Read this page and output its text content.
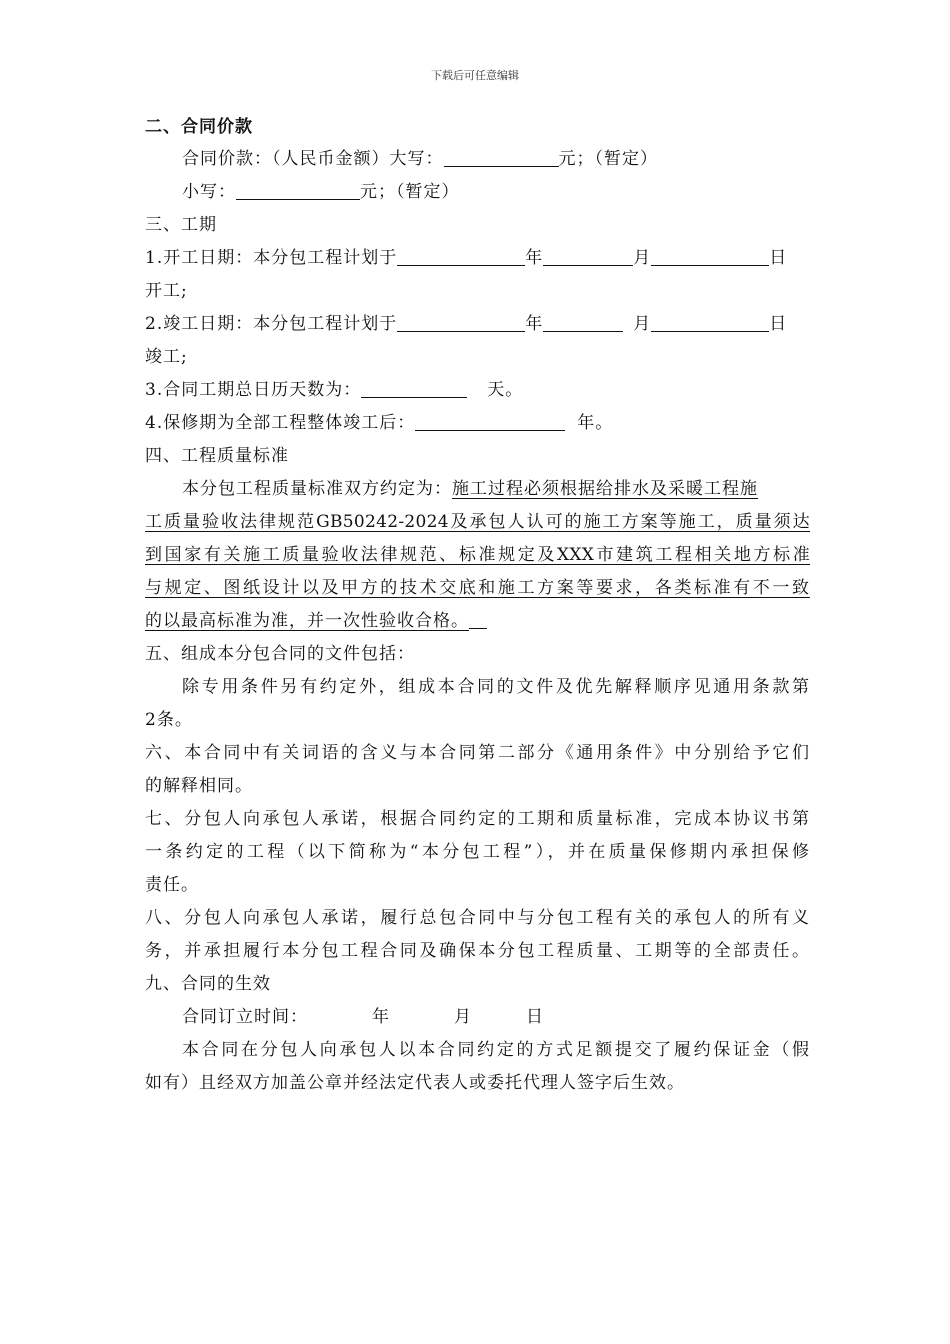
下载后可任意编辑
二、合同价款
合同价款：（人民币金额）大写：	元；（暂定）
小写：	元；（暂定）
三、工期
1.开工日期：本分包工程计划于	年	月	日
开工;
2.竣工日期：本分包工程计划于	年	月	日
竣工;
3.合同工期总日历天数为：	天。
4.保修期为全部工程整体竣工后：	年。
四、工程质量标准
本分包工程质量标准双方约定为：施工过程必须根据给排水及采暖工程施
工质量验收法律规范GB50242-2024及承包人认可的施工方案等施工，质量须达
到国家有关施工质量验收法律规范、标准规定及XXX市建筑工程相关地方标准
与规定、图纸设计以及甲方的技术交底和施工方案等要求，各类标准有不一致
的以最高标准为准，并一次性验收合格。
五、组成本分包合同的文件包括：
除专用条件另有约定外，组成本合同的文件及优先解释顺序见通用条款第
2条。
六、本合同中有关词语的含义与本合同第二部分《通用条件》中分别给予它们
的解释相同。
七、分包人向承包人承诺，根据合同约定的工期和质量标准，完成本协议书第
一条约定的工程（以下简称为“本分包工程”），并在质量保修期内承担保修
责任。
八、分包人向承包人承诺，履行总包合同中与分包工程有关的承包人的所有义
务，并承担履行本分包工程合同及确保本分包工程质量、工期等的全部责任。
九、合同的生效
合同订立时间：	年	月	日
本合同在分包人向承包人以本合同约定的方式足额提交了履约保证金（假
如有）且经双方加盖公章并经法定代表人或委托代理人签字后生效。
